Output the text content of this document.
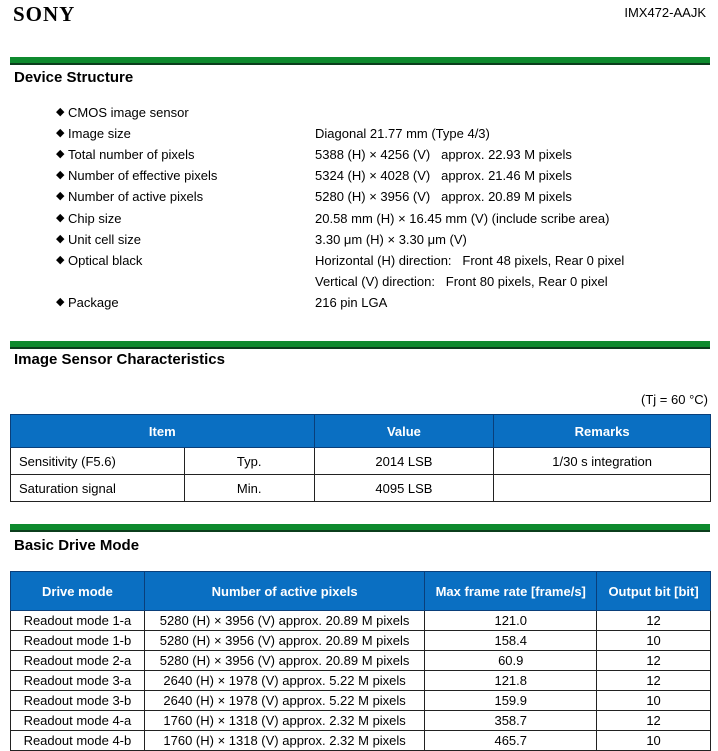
SONY	IMX472-AAJK
Device Structure
◆ CMOS image sensor
◆ Image size	Diagonal 21.77 mm (Type 4/3)
◆ Total number of pixels	5388 (H) × 4256 (V)   approx. 22.93 M pixels
◆ Number of effective pixels	5324 (H) × 4028 (V)   approx. 21.46 M pixels
◆ Number of active pixels	5280 (H) × 3956 (V)   approx. 20.89 M pixels
◆ Chip size	20.58 mm (H) × 16.45 mm (V) (include scribe area)
◆ Unit cell size	3.30 μm (H) × 3.30 μm (V)
◆ Optical black	Horizontal (H) direction:   Front 48 pixels, Rear 0 pixel
Vertical (V) direction:   Front 80 pixels, Rear 0 pixel
◆ Package	216 pin LGA
Image Sensor Characteristics
(Tj = 60 °C)
Item		Value	Remarks
Sensitivity (F5.6)	Typ.	2014 LSB	1/30 s integration
Saturation signal	Min.	4095 LSB	
Basic Drive Mode
Drive mode	Number of active pixels	Max frame rate [frame/s]	Output bit [bit]
Readout mode 1-a	5280 (H) × 3956 (V) approx. 20.89 M pixels	121.0	12
Readout mode 1-b	5280 (H) × 3956 (V) approx. 20.89 M pixels	158.4	10
Readout mode 2-a	5280 (H) × 3956 (V) approx. 20.89 M pixels	60.9	12
Readout mode 3-a	2640 (H) × 1978 (V) approx. 5.22 M pixels	121.8	12
Readout mode 3-b	2640 (H) × 1978 (V) approx. 5.22 M pixels	159.9	10
Readout mode 4-a	1760 (H) × 1318 (V) approx. 2.32 M pixels	358.7	12
Readout mode 4-b	1760 (H) × 1318 (V) approx. 2.32 M pixels	465.7	10
